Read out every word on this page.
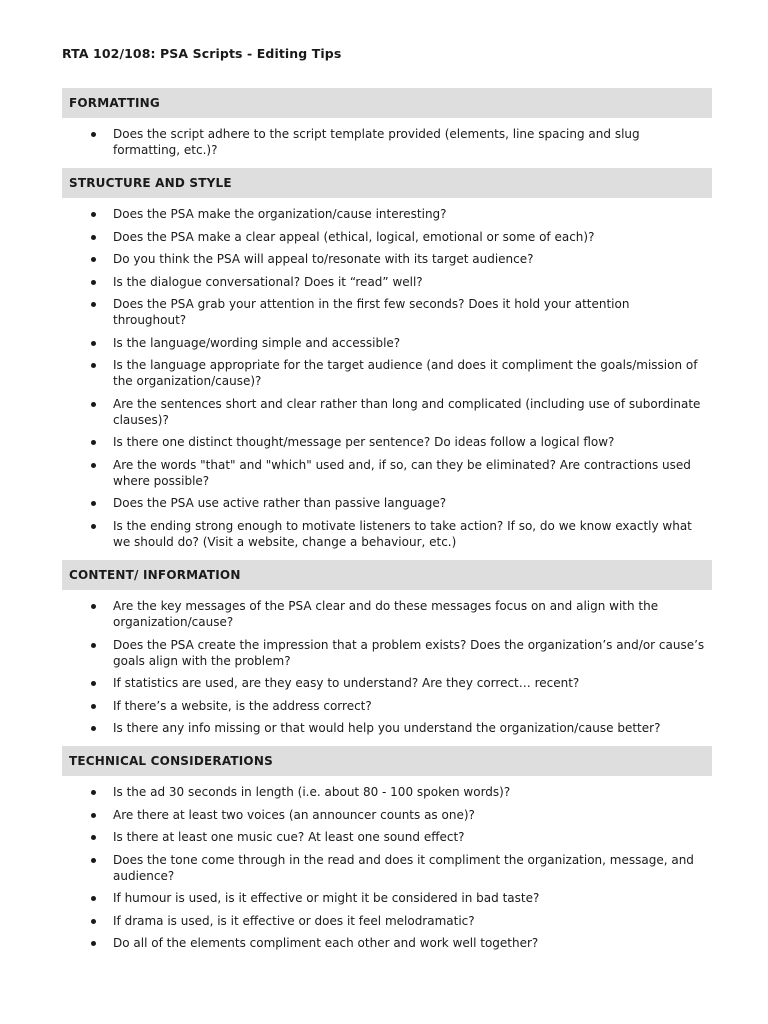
RTA 102/108: PSA Scripts - Editing Tips
FORMATTING
Does the script adhere to the script template provided (elements, line spacing and slug formatting, etc.)?
STRUCTURE AND STYLE
Does the PSA make the organization/cause interesting?
Does the PSA make a clear appeal (ethical, logical, emotional or some of each)?
Do you think the PSA will appeal to/resonate with its target audience?
Is the dialogue conversational? Does it “read” well?
Does the PSA grab your attention in the first few seconds? Does it hold your attention throughout?
Is the language/wording simple and accessible?
Is the language appropriate for the target audience (and does it compliment the goals/mission of the organization/cause)?
Are the sentences short and clear rather than long and complicated (including use of subordinate clauses)?
Is there one distinct thought/message per sentence? Do ideas follow a logical flow?
Are the words "that" and "which" used and, if so, can they be eliminated? Are contractions used where possible?
Does the PSA use active rather than passive language?
Is the ending strong enough to motivate listeners to take action? If so, do we know exactly what we should do? (Visit a website, change a behaviour, etc.)
CONTENT/ INFORMATION
Are the key messages of the PSA clear and do these messages focus on and align with the organization/cause?
Does the PSA create the impression that a problem exists? Does the organization’s and/or cause’s goals align with the problem?
If statistics are used, are they easy to understand? Are they correct… recent?
If there’s a website, is the address correct?
Is there any info missing or that would help you understand the organization/cause better?
TECHNICAL CONSIDERATIONS
Is the ad 30 seconds in length (i.e. about 80 - 100 spoken words)?
Are there at least two voices (an announcer counts as one)?
Is there at least one music cue? At least one sound effect?
Does the tone come through in the read and does it compliment the organization, message, and audience?
If humour is used, is it effective or might it be considered in bad taste?
If drama is used, is it effective or does it feel melodramatic?
Do all of the elements compliment each other and work well together?
